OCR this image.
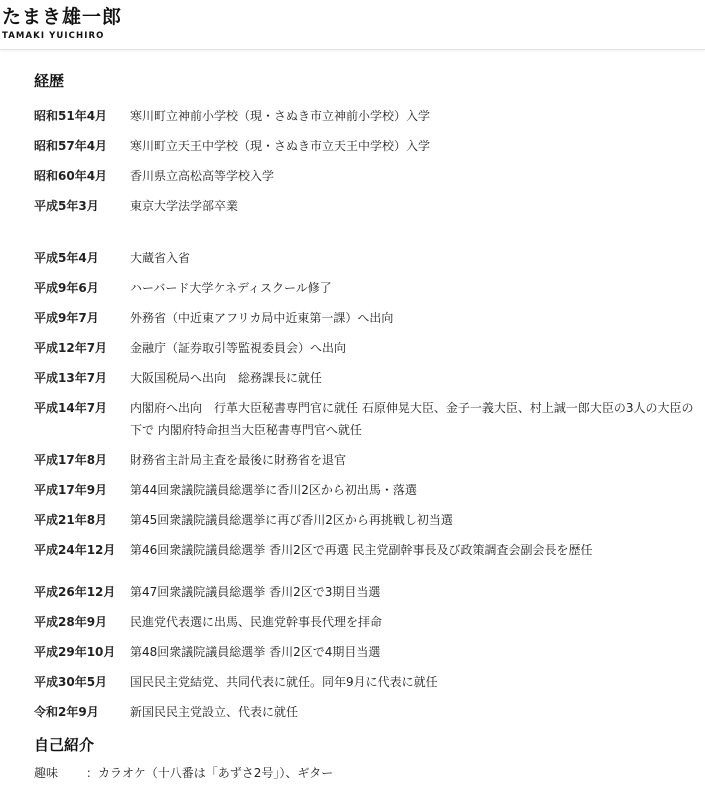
たまき雄一郎
TAMAKI YUICHIRO
経歴
昭和51年4月	寒川町立神前小学校（現・さぬき市立神前小学校）入学
昭和57年4月	寒川町立天王中学校（現・さぬき市立天王中学校）入学
昭和60年4月	香川県立高松高等学校入学
平成5年3月	東京大学法学部卒業
平成5年4月	大蔵省入省
平成9年6月	ハーバード大学ケネディスクール修了
平成9年7月	外務省（中近東アフリカ局中近東第一課）へ出向
平成12年7月	金融庁（証券取引等監視委員会）へ出向
平成13年7月	大阪国税局へ出向　総務課長に就任
平成14年7月	内閣府へ出向　行革大臣秘書専門官に就任 石原伸晃大臣、金子一義大臣、村上誠一郎大臣の3人の大臣の下で 内閣府特命担当大臣秘書専門官へ就任
平成17年8月	財務省主計局主査を最後に財務省を退官
平成17年9月	第44回衆議院議員総選挙に香川2区から初出馬・落選
平成21年8月	第45回衆議院議員総選挙に再び香川2区から再挑戦し初当選
平成24年12月	第46回衆議院議員総選挙 香川2区で再選 民主党副幹事長及び政策調査会副会長を歴任
平成26年12月	第47回衆議院議員総選挙 香川2区で3期目当選
平成28年9月	民進党代表選に出馬、民進党幹事長代理を拝命
平成29年10月	第48回衆議院議員総選挙 香川2区で4期目当選
平成30年5月	国民民主党結党、共同代表に就任。同年9月に代表に就任
令和2年9月	新国民民主党設立、代表に就任
自己紹介
趣味	：カラオケ（十八番は「あずさ2号」）、ギター
